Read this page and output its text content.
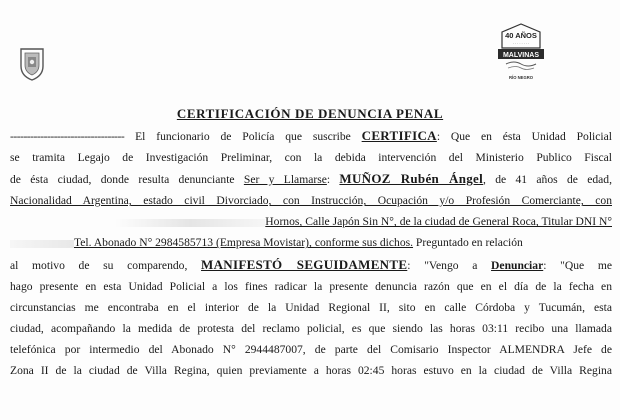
40 AÑOS
· · · · · · · ·
MALVINAS
RÍO NEGRO
CERTIFICACIÓN DE DENUNCIA PENAL
---------------------------------- El funcionario de Policía que suscribe CERTIFICA: Que en ésta Unidad Policial
se tramita Legajo de Investigación Preliminar, con la debida intervención del Ministerio Publico Fiscal
de ésta ciudad, donde resulta denunciante Ser y Llamarse: MUÑOZ Rubén Ángel, de 41 años de edad,
Nacionalidad Argentina, estado civil Divorciado, con Instrucción, Ocupación y/o Profesión Comerciante, con
Hornos, Calle Japón Sin N°, de la ciudad de General Roca, Titular DNI N°
Tel. Abonado N° 2984585713 (Empresa Movistar), conforme sus dichos. Preguntado en relación
al motivo de su comparendo, MANIFESTÓ SEGUIDAMENTE: "Vengo a Denunciar: "Que me
hago presente en esta Unidad Policial a los fines radicar la presente denuncia razón que en el día de la fecha en
circunstancias me encontraba en el interior de la Unidad Regional II, sito en calle Córdoba y Tucumán, esta
ciudad, acompañando la medida de protesta del reclamo policial, es que siendo las horas 03:11 recibo una llamada
telefónica por intermedio del Abonado N° 2944487007, de parte del Comisario Inspector ALMENDRA Jefe de
Zona II de la ciudad de Villa Regina, quien previamente a horas 02:45 horas estuvo en la ciudad de Villa Regina
